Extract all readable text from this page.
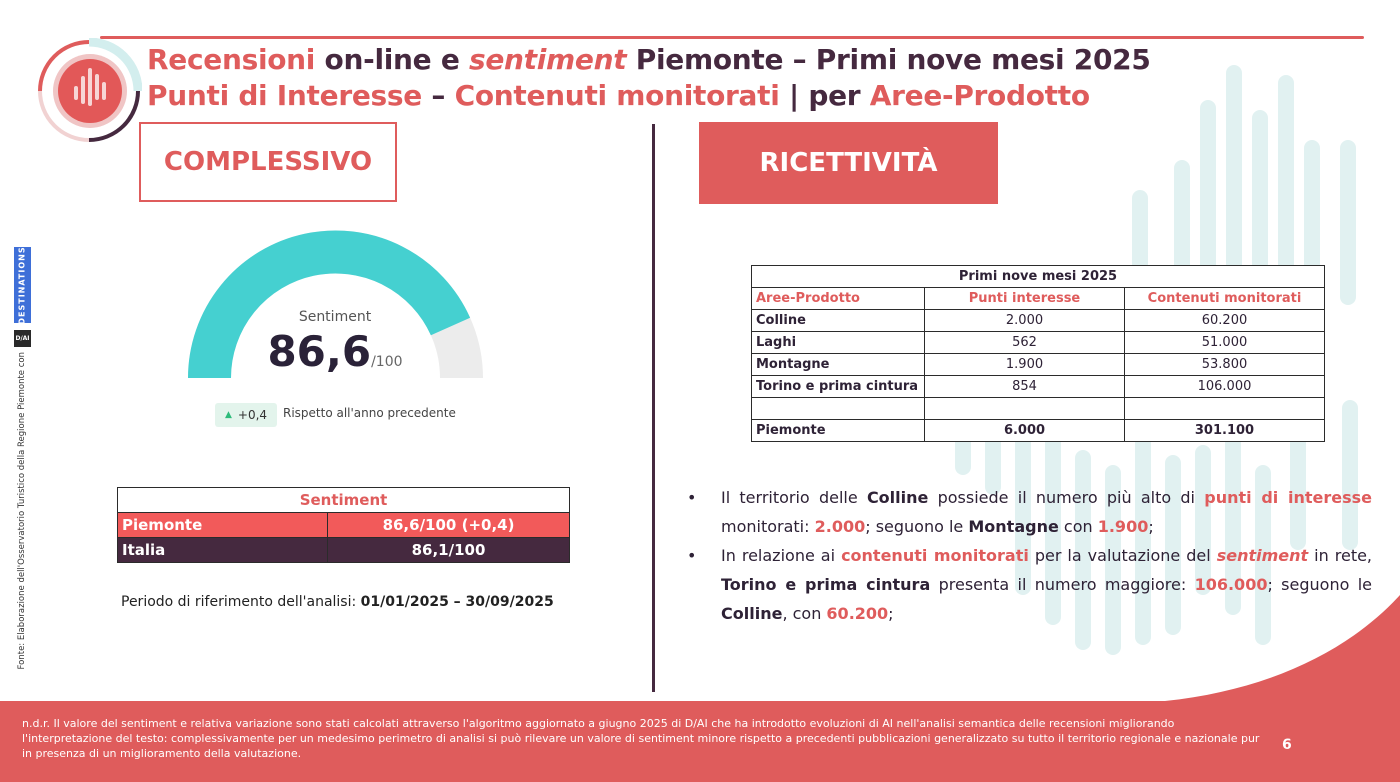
Recensioni on-line e sentiment Piemonte – Primi nove mesi 2025
Punti di Interesse – Contenuti monitorati | per Aree-Prodotto
COMPLESSIVO	RICETTIVITÀ
DESTINATIONS
D/AI
Fonte: Elaborazione dell'Osservatorio Turistico della Regione Piemonte con
Sentiment
86,6/100
▲ +0,4 Rispetto all'anno precedente
Sentiment	
Piemonte	86,6/100 (+0,4)
Italia	86,1/100
Periodo di riferimento dell'analisi: 01/01/2025 – 30/09/2025
Primi nove mesi 2025		
Aree-Prodotto	Punti interesse	Contenuti monitorati
Colline	2.000	60.200
Laghi	562	51.000
Montagne	1.900	53.800
Torino e prima cintura	854	106.000

Piemonte	6.000	301.100
• Il territorio delle Colline possiede il numero più alto di punti di interesse monitorati: 2.000; seguono le Montagne con 1.900;
• In relazione ai contenuti monitorati per la valutazione del sentiment in rete, Torino e prima cintura presenta il numero maggiore: 106.000; seguono le Colline, con 60.200;
n.d.r. Il valore del sentiment e relativa variazione sono stati calcolati attraverso l'algoritmo aggiornato a giugno 2025 di D/AI che ha introdotto evoluzioni di AI nell'analisi semantica delle recensioni migliorando l'interpretazione del testo: complessivamente per un medesimo perimetro di analisi si può rilevare un valore di sentiment minore rispetto a precedenti pubblicazioni generalizzato su tutto il territorio regionale e nazionale pur in presenza di un miglioramento della valutazione.
6
